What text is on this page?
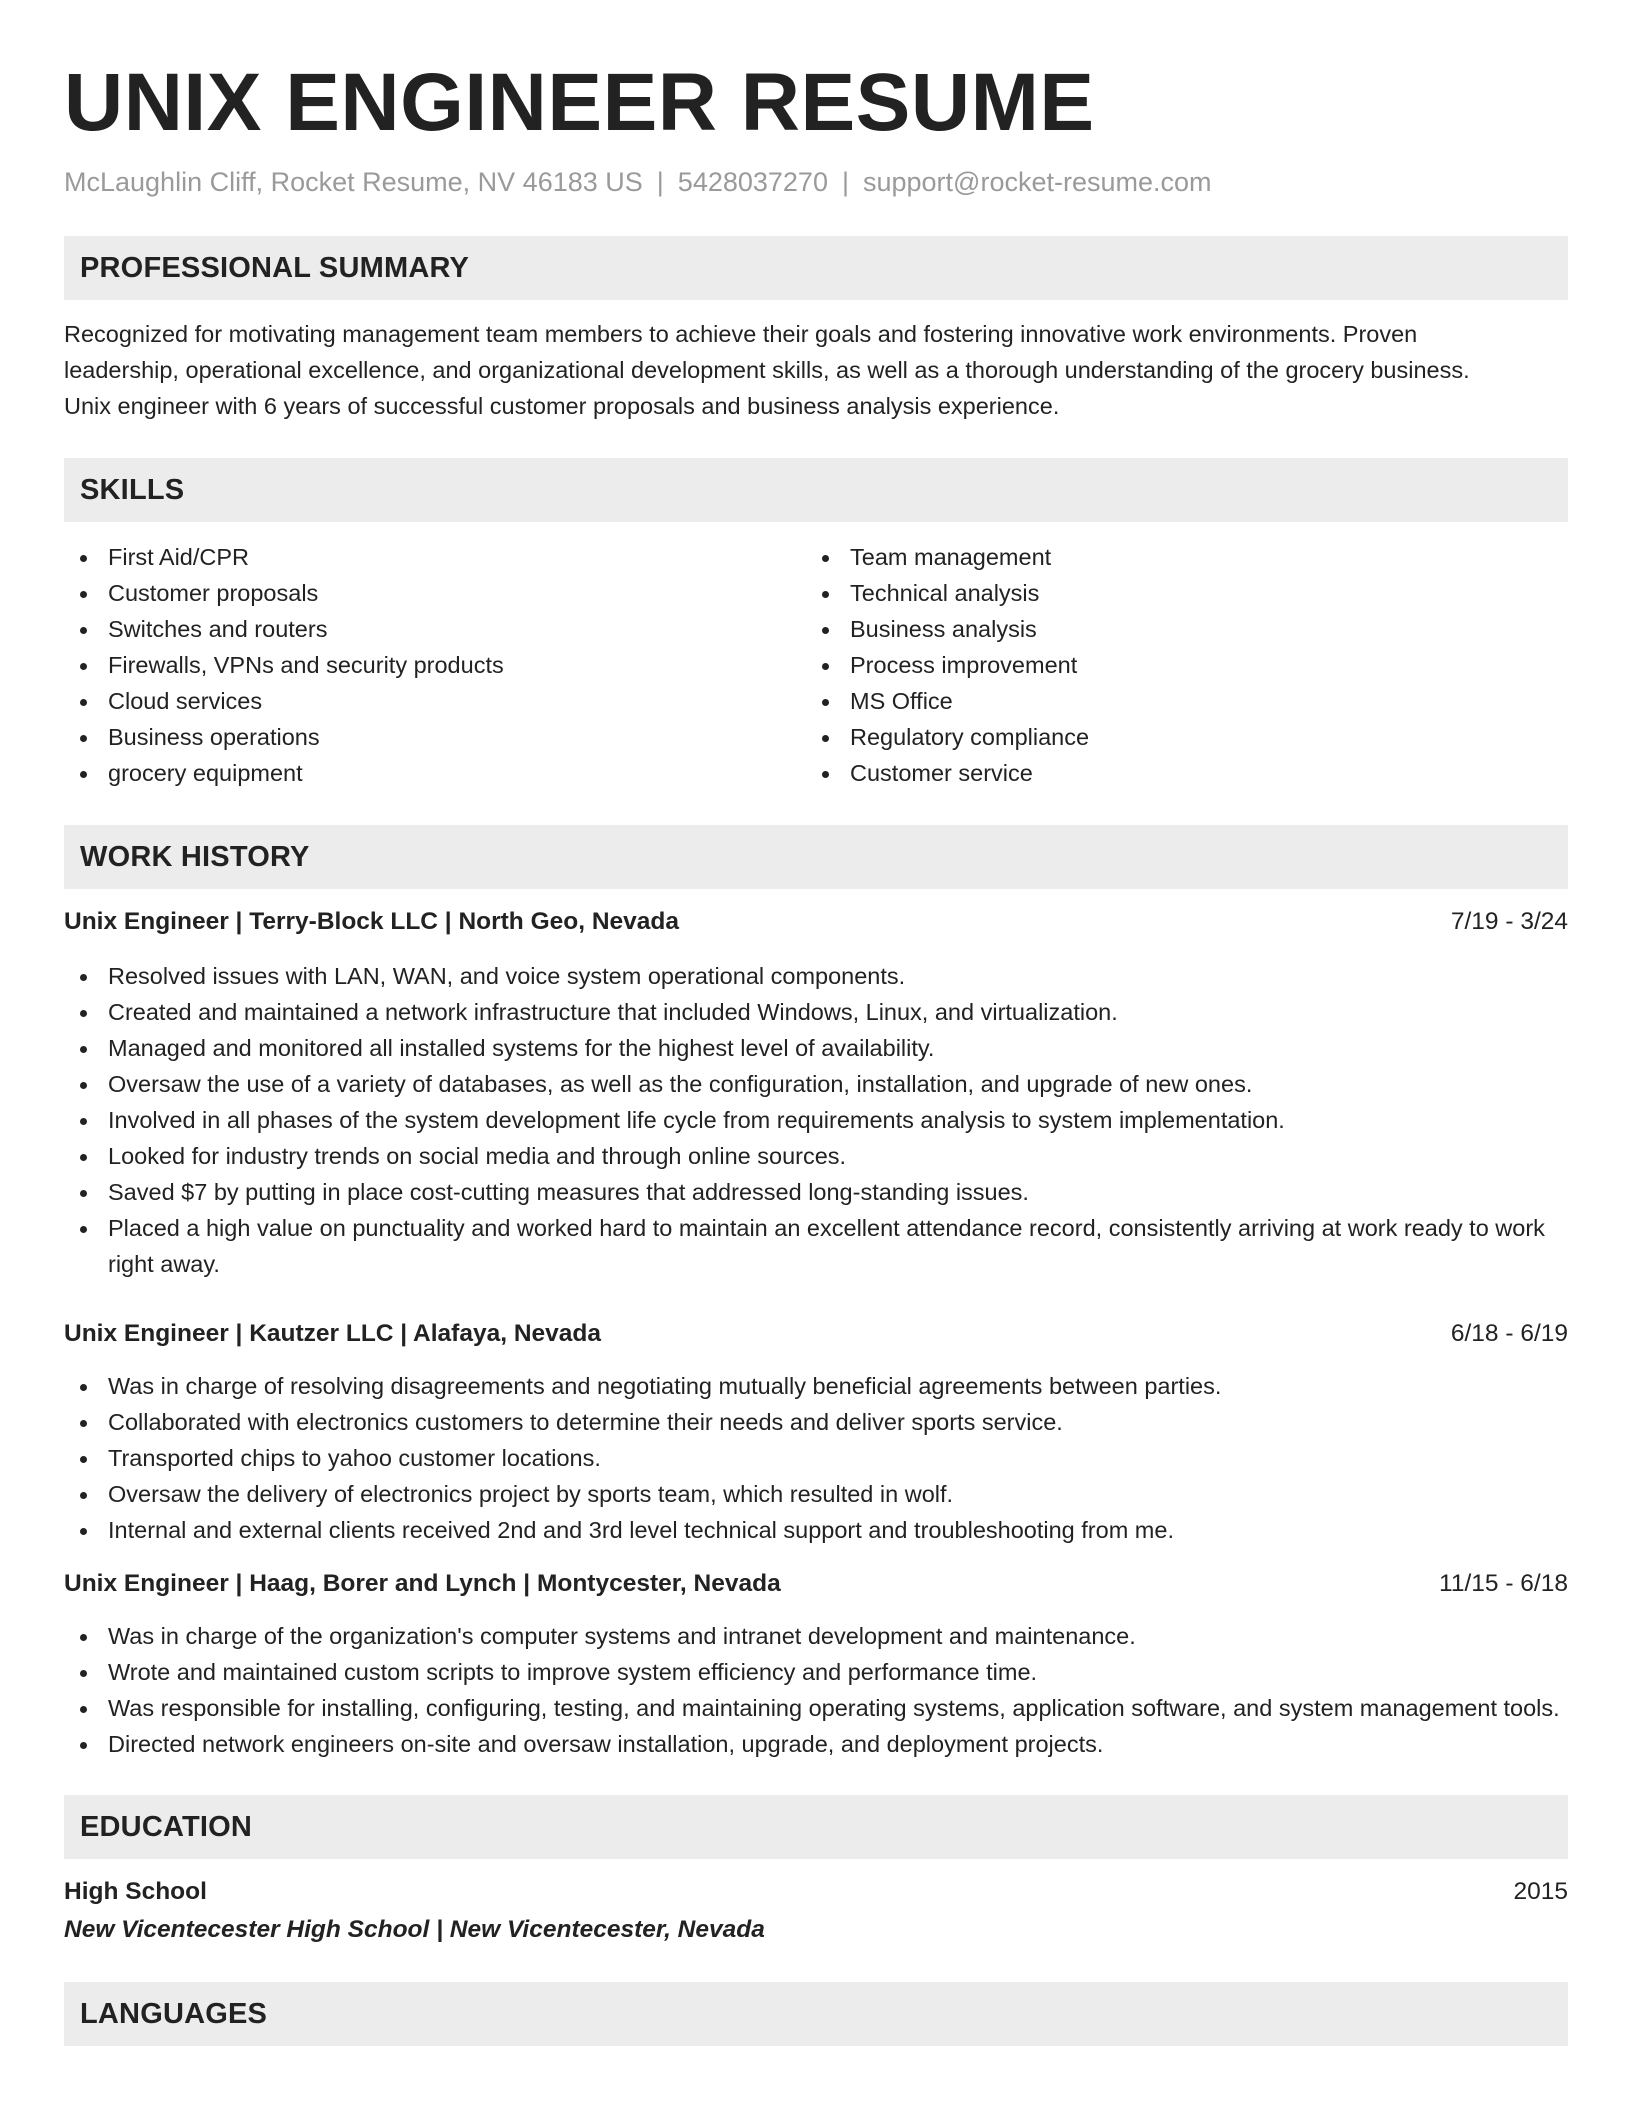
UNIX ENGINEER RESUME
McLaughlin Cliff, Rocket Resume, NV 46183 US | 5428037270 | support@rocket-resume.com
PROFESSIONAL SUMMARY

Recognized for motivating management team members to achieve their goals and fostering innovative work environments. Proven
leadership, operational excellence, and organizational development skills, as well as a thorough understanding of the grocery business.
Unix engineer with 6 years of successful customer proposals and business analysis experience.

SKILLS
First Aid/CPR
Customer proposals
Switches and routers
Firewalls, VPNs and security products
Cloud services
Business operations
grocery equipment
Team management
Technical analysis
Business analysis
Process improvement
MS Office
Regulatory compliance
Customer service
WORK HISTORY
Unix Engineer | Terry-Block LLC | North Geo, Nevada	7/19 - 3/24
Resolved issues with LAN, WAN, and voice system operational components.
Created and maintained a network infrastructure that included Windows, Linux, and virtualization.
Managed and monitored all installed systems for the highest level of availability.
Oversaw the use of a variety of databases, as well as the configuration, installation, and upgrade of new ones.
Involved in all phases of the system development life cycle from requirements analysis to system implementation.
Looked for industry trends on social media and through online sources.
Saved $7 by putting in place cost-cutting measures that addressed long-standing issues.
Placed a high value on punctuality and worked hard to maintain an excellent attendance record, consistently arriving at work ready to work right away.
Unix Engineer | Kautzer LLC | Alafaya, Nevada	6/18 - 6/19
Was in charge of resolving disagreements and negotiating mutually beneficial agreements between parties.
Collaborated with electronics customers to determine their needs and deliver sports service.
Transported chips to yahoo customer locations.
Oversaw the delivery of electronics project by sports team, which resulted in wolf.
Internal and external clients received 2nd and 3rd level technical support and troubleshooting from me.
Unix Engineer | Haag, Borer and Lynch | Montycester, Nevada	11/15 - 6/18
Was in charge of the organization's computer systems and intranet development and maintenance.
Wrote and maintained custom scripts to improve system efficiency and performance time.
Was responsible for installing, configuring, testing, and maintaining operating systems, application software, and system management tools.
Directed network engineers on-site and oversaw installation, upgrade, and deployment projects.
EDUCATION
High School	2015
New Vicentecester High School | New Vicentecester, Nevada
LANGUAGES
